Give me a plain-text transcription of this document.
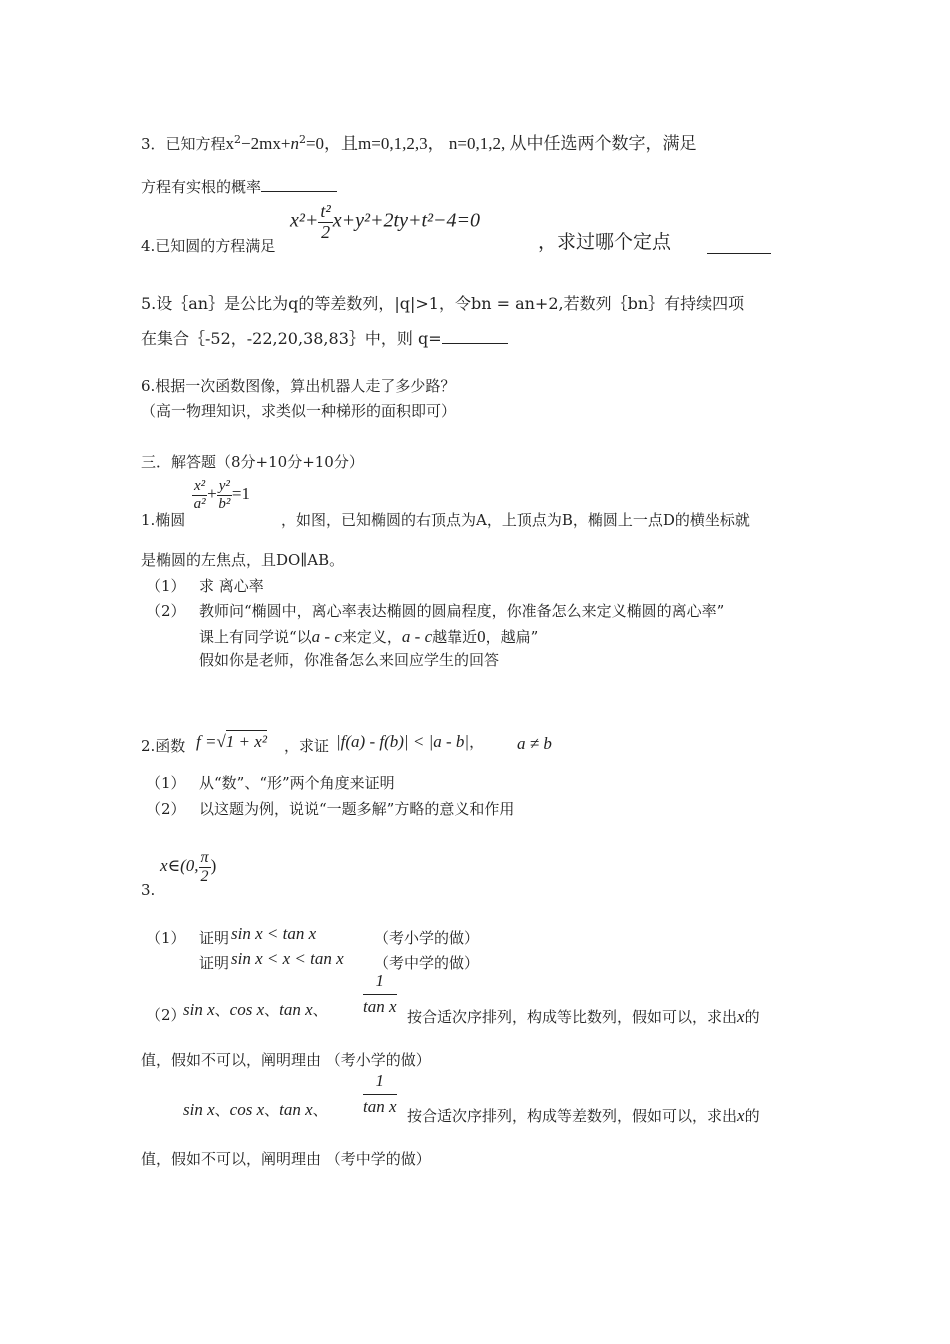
3．已知方程$x^2-2mx+n^2=0$，且m=0,1,2,3， n=0,1,2, 从中任选两个数字，满足
方程有实根的概率
4.已知圆的方程满足
$x^2+ \frac{\text{t²}}{2} x+y^2+2ty+t^2-4=0$
，求过哪个定点
5.设｛an｝是公比为q的等差数列，|q|>1，令bn = an+2,若数列｛bn｝有持续四项
在集合｛-52，-22,20,38,83｝中，则 q=
6.根据一次函数图像，算出机器人走了多少路？
（高一物理知识，求类似一种梯形的面积即可）
三．解答题（8分+10分+10分）
1.椭圆
$\frac{\text{x²}}{\text{a²}} + \frac{\text{y²}}{\text{b²}} =1$
，如图，已知椭圆的右顶点为A，上顶点为B，椭圆上一点D的横坐标就
是椭圆的左焦点，且DO∥AB。
（1） 求 离心率
（2） 教师问“椭圆中，离心率表达椭圆的圆扁程度，你准备怎么来定义椭圆的离心率”
课上有同学说“以a - c来定义，a - c越靠近0，越扁”
假如你是老师，你准备怎么来回应学生的回答
2.函数 f =√1 + x² ，求证 |f(a) - f(b)| < |a - b|， a ≠ b
（1） 从“数”、“形”两个角度来证明
（2） 以这题为例，说说“一题多解”方略的意义和作用
x∈(0, $\frac{\pi}{2}$ )
3.
（1） 证明 sin x < tan x	（考小学的做）
证明 sin x < x < tan x （考中学的做）
（2）
sin x、cos x、tan x、 $\frac{1}{\text{tan x}}$
按合适次序排列，构成等比数列，假如可以，求出x的
值，假如不可以，阐明理由 （考小学的做）
sin x、cos x、tan x、 $\frac{1}{\text{tan x}}$ 按合适次序排列，构成等差数列，假如可以，求出x的
值，假如不可以，阐明理由 （考中学的做）
